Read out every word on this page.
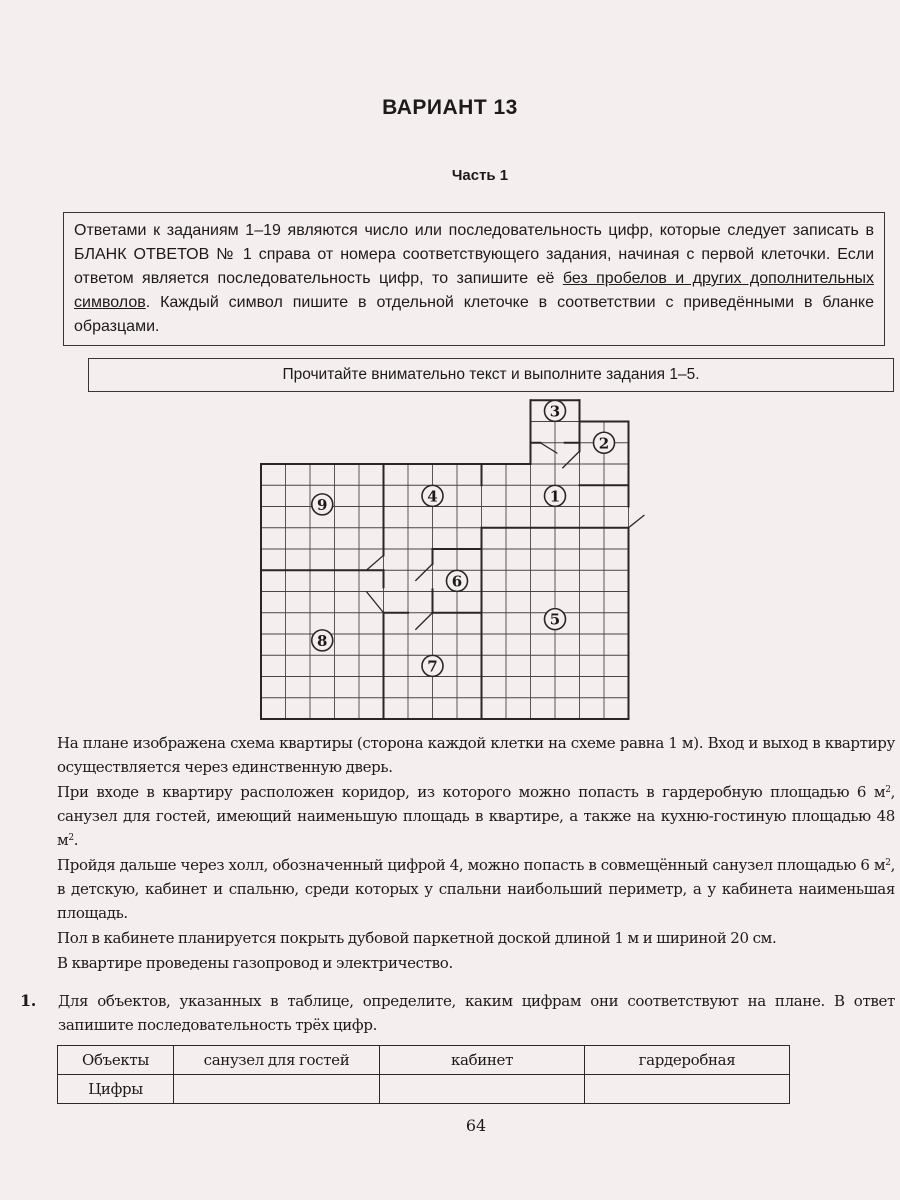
ВАРИАНТ 13
Часть 1
Ответами к заданиям 1–19 являются число или последовательность цифр, которые следует записать в БЛАНК ОТВЕТОВ № 1 справа от номера соответствующего задания, начиная с первой клеточки. Если ответом является последовательность цифр, то запишите её без пробелов и других дополнительных символов. Каждый символ пишите в отдельной клеточке в соответствии с приведёнными в бланке образцами.
Прочитайте внимательно текст и выполните задания 1–5.
1
2
3
4
5
6
7
8
9

На плане изображена схема квартиры (сторона каждой клетки на схеме равна 1 м). Вход и выход в квартиру осуществляется через единственную дверь.

При входе в квартиру расположен коридор, из которого можно попасть в гардеробную площадью 6 $м^2$, санузел для гостей, имеющий наименьшую площадь в квартире, а также на кухню-гостиную площадью 48 $м^2$.

Пройдя дальше через холл, обозначенный цифрой 4, можно попасть в совмещённый санузел площадью 6 $м^2$, в детскую, кабинет и спальню, среди которых у спальни наибольший периметр, а у кабинета наименьшая площадь.

Пол в кабинете планируется покрыть дубовой паркетной доской длиной 1 м и шириной 20 см.

В квартире проведены газопровод и электричество.

1.	Для объектов, указанных в таблице, определите, каким цифрам они соответствуют на плане. В ответ запишите последовательность трёх цифр.
Объекты	санузел для гостей	кабинет	гардеробная
Цифры			
64
